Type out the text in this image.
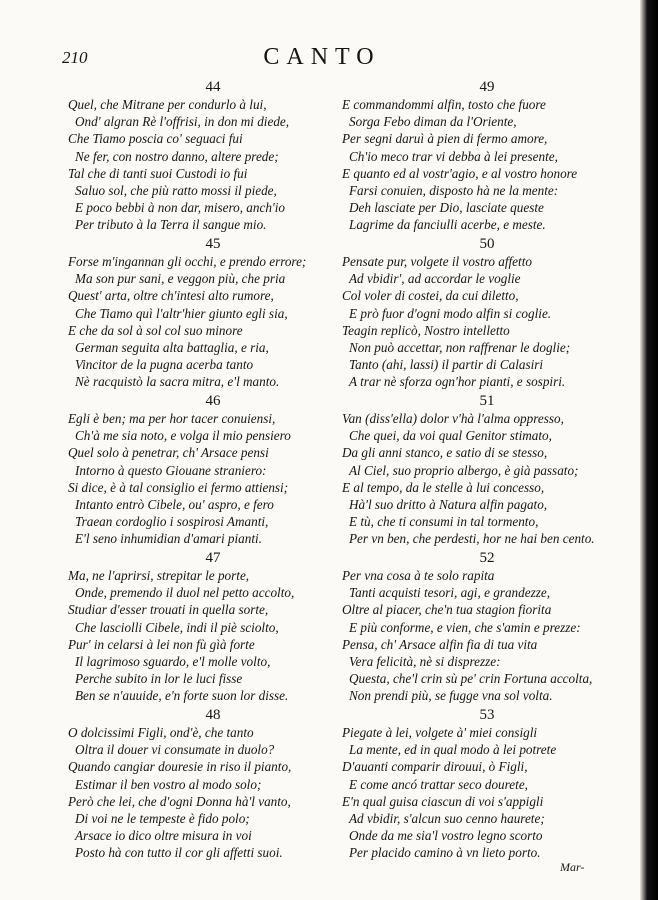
210	CANTO
44
Quel, che Mitrane per condurlo à lui,
Ond' algran Rè l'offrisi, in don mi diede,
Che Tiamo poscia co' seguaci fui
Ne fer, con nostro danno, altere prede;
Tal che di tanti suoi Custodi io fui
Saluo sol, che più ratto mossi il piede,
E poco bebbi à non dar, misero, anch'io
Per tributo à la Terra il sangue mio.
45
Forse m'ingannan gli occhi, e prendo errore;
Ma son pur sani, e veggon più, che pria
Quest' arta, oltre ch'intesi alto rumore,
Che Tiamo quì l'altr'hier giunto egli sia,
E che da sol à sol col suo minore
German seguita alta battaglia, e ria,
Vincitor de la pugna acerba tanto
Nè racquistò la sacra mitra, e'l manto.
46
Egli è ben; ma per hor tacer conuiensi,
Ch'à me sia noto, e volga il mio pensiero
Quel solo à penetrar, ch' Arsace pensi
Intorno à questo Giouane straniero:
Si dice, è à tal consiglio ei fermo attiensi;
Intanto entrò Cibele, ou' aspro, e fero
Traean cordoglio i sospirosi Amanti,
E'l seno inhumidian d'amari pianti.
47
Ma, ne l'aprirsi, strepitar le porte,
Onde, premendo il duol nel petto accolto,
Studiar d'esser trouati in quella sorte,
Che lasciolli Cibele, indi il piè sciolto,
Pur' in celarsi à lei non fù gìà forte
Il lagrimoso sguardo, e'l molle volto,
Perche subito in lor le luci fisse
Ben se n'auuide, e'n forte suon lor disse.
48
O dolcissimi Figli, ond'è, che tanto
Oltra il douer vi consumate in duolo?
Quando cangiar douresie in riso il pianto,
Estimar il ben vostro al modo solo;
Però che lei, che d'ogni Donna hà'l vanto,
Di voi ne le tempeste è fido polo;
Arsace io dico oltre misura in voi
Posto hà con tutto il cor gli affetti suoi.
49
E commandommi alfin, tosto che fuore
Sorga Febo diman da l'Oriente,
Per segni daruì à pien di fermo amore,
Ch'io meco trar vi debba à lei presente,
E quanto ed al vostr'agio, e al vostro honore
Farsi conuien, disposto hà ne la mente:
Deh lasciate per Dio, lasciate queste
Lagrime da fanciulli acerbe, e meste.
50
Pensate pur, volgete il vostro affetto
Ad vbidir', ad accordar le voglie
Col voler di costei, da cui diletto,
E prò fuor d'ogni modo alfin si coglie.
Teagin replicò, Nostro intelletto
Non può accettar, non raffrenar le doglie;
Tanto (ahi, lassi) il partir di Calasiri
A trar nè sforza ogn'hor pianti, e sospiri.
51
Van (diss'ella) dolor v'hà l'alma oppresso,
Che quei, da voi qual Genitor stimato,
Da gli anni stanco, e satio di se stesso,
Al Ciel, suo proprio albergo, è già passato;
E al tempo, da le stelle à lui concesso,
Hà'l suo dritto à Natura alfin pagato,
E tù, che ti consumi in tal tormento,
Per vn ben, che perdesti, hor ne hai ben cento.
52
Per vna cosa à te solo rapita
Tanti acquisti tesori, agi, e grandezze,
Oltre al piacer, che'n tua stagion fiorita
E più conforme, e vien, che s'amin e prezze:
Pensa, ch' Arsace alfin fia di tua vita
Vera felicità, nè si disprezze:
Questa, che'l crin sù pe' crin Fortuna accolta,
Non prendi più, se fugge vna sol volta.
53
Piegate à lei, volgete à' miei consigli
La mente, ed in qual modo à lei potrete
D'auanti comparir dirouui, ò Figli,
E come ancó trattar seco dourete,
E'n qual guisa ciascun di voi s'appigli
Ad vbidir, s'alcun suo cenno haurete;
Onde da me sia'l vostro legno scorto
Per placido camino à vn lieto porto.
Mar-
